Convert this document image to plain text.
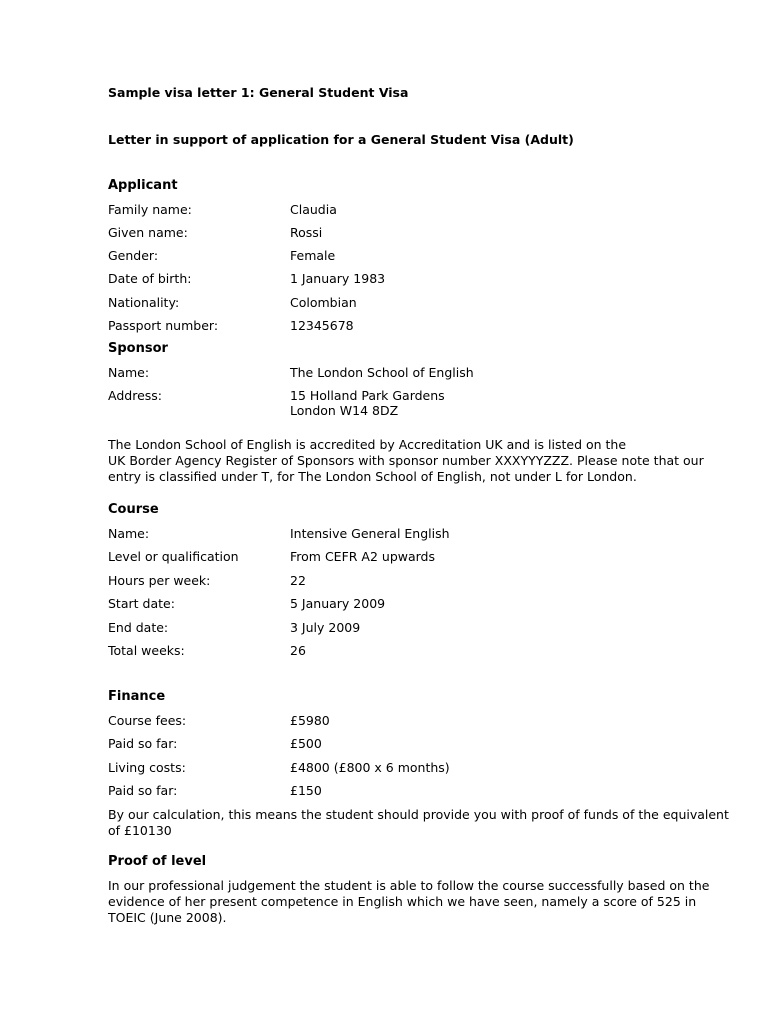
Sample visa letter 1: General Student Visa
Letter in support of application for a General Student Visa (Adult)
Applicant
Family name:	Claudia
Given name:	Rossi
Gender:	Female
Date of birth:	1 January 1983
Nationality:	Colombian
Passport number:	12345678
Sponsor
Name:	The London School of English
Address:	15 Holland Park Gardens
London W14 8DZ
The London School of English is accredited by Accreditation UK and is listed on the
UK Border Agency Register of Sponsors with sponsor number XXXYYYZZZ. Please note that our
entry is classified under T, for The London School of English, not under L for London.
Course
Name:	Intensive General English
Level or qualification	From CEFR A2 upwards
Hours per week:	22
Start date:	5 January 2009
End date:	3 July 2009
Total weeks:	26
Finance
Course fees:	£5980
Paid so far:	£500
Living costs:	£4800 (£800 x 6 months)
Paid so far:	£150
By our calculation, this means the student should provide you with proof of funds of the equivalent
of £10130
Proof of level
In our professional judgement the student is able to follow the course successfully based on the
evidence of her present competence in English which we have seen, namely a score of 525 in
TOEIC (June 2008).
